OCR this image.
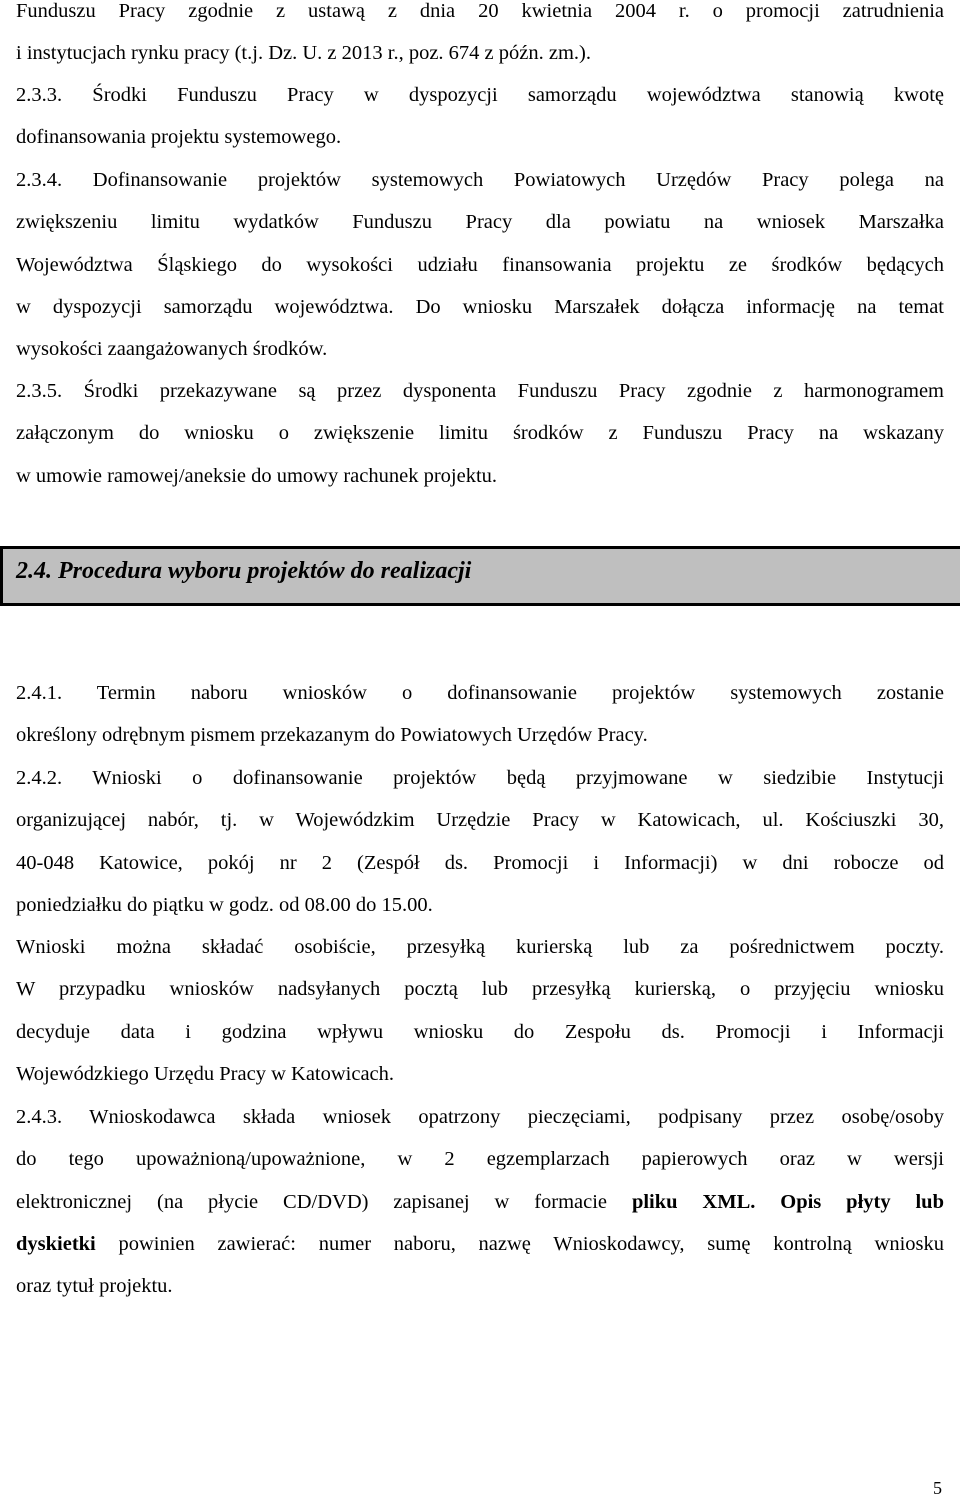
Funduszu Pracy zgodnie z ustawą z dnia 20 kwietnia 2004 r. o promocji zatrudnienia
i instytucjach rynku pracy (t.j. Dz. U. z 2013 r., poz. 674 z późn. zm.).
2.3.3. Środki Funduszu Pracy w dyspozycji samorządu województwa stanowią kwotę
dofinansowania projektu systemowego.
2.3.4. Dofinansowanie projektów systemowych Powiatowych Urzędów Pracy polega na
zwiększeniu limitu wydatków Funduszu Pracy dla powiatu na wniosek Marszałka
Województwa Śląskiego do wysokości udziału finansowania projektu ze środków będących
w dyspozycji samorządu województwa. Do wniosku Marszałek dołącza informację na temat
wysokości zaangażowanych środków.
2.3.5. Środki przekazywane są przez dysponenta Funduszu Pracy zgodnie z harmonogramem
załączonym do wniosku o zwiększenie limitu środków z Funduszu Pracy na wskazany
w umowie ramowej/aneksie do umowy rachunek projektu.
2.4. Procedura wyboru projektów do realizacji
2.4.1. Termin naboru wniosków o dofinansowanie projektów systemowych zostanie
określony odrębnym pismem przekazanym do Powiatowych Urzędów Pracy.
2.4.2. Wnioski o dofinansowanie projektów będą przyjmowane w siedzibie Instytucji
organizującej nabór, tj. w Wojewódzkim Urzędzie Pracy w Katowicach, ul. Kościuszki 30,
40-048 Katowice, pokój nr 2 (Zespół ds. Promocji i Informacji) w dni robocze od
poniedziałku do piątku w godz. od 08.00 do 15.00.
Wnioski można składać osobiście, przesyłką kurierską lub za pośrednictwem poczty.
W przypadku wniosków nadsyłanych pocztą lub przesyłką kurierską, o przyjęciu wniosku
decyduje data i godzina wpływu wniosku do Zespołu ds. Promocji i Informacji
Wojewódzkiego Urzędu Pracy w Katowicach.
2.4.3. Wnioskodawca składa wniosek opatrzony pieczęciami, podpisany przez osobę/osoby
do tego upoważnioną/upoważnione, w 2 egzemplarzach papierowych oraz w wersji
elektronicznej (na płycie CD/DVD) zapisanej w formacie pliku XML. Opis płyty lub
dyskietki powinien zawierać: numer naboru, nazwę Wnioskodawcy, sumę kontrolną wniosku
oraz tytuł projektu.
5
